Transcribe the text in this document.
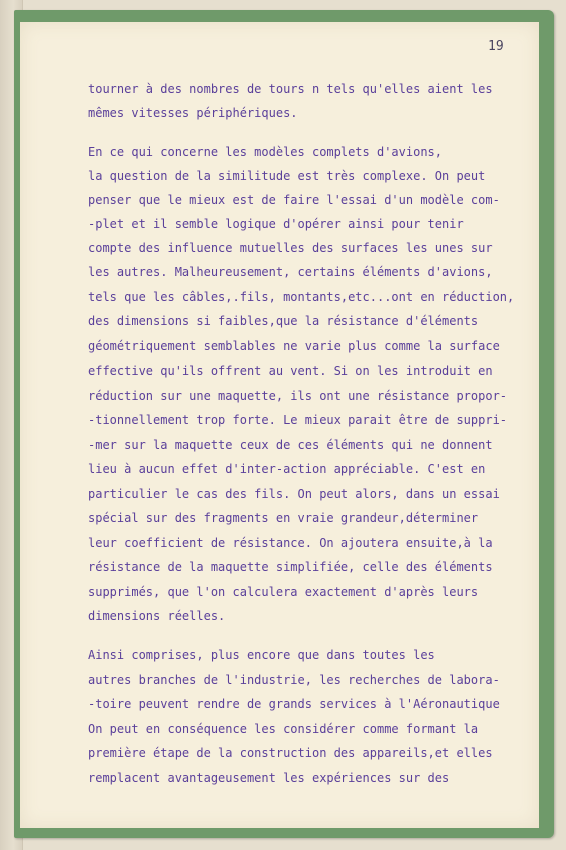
19
tourner à des nombres de tours n tels qu'elles aient les
mêmes vitesses périphériques.
En ce qui concerne les modèles complets d'avions,
la question de la similitude est très complexe. On peut
penser que le mieux est de faire l'essai d'un modèle com-
-plet et il semble logique d'opérer ainsi pour tenir
compte des influence mutuelles des surfaces les unes sur
les autres. Malheureusement, certains éléments d'avions,
tels que les câbles,.fils, montants,etc...ont en réduction,
des dimensions si faibles,que la résistance d'éléments
géométriquement semblables ne varie plus comme la surface
effective qu'ils offrent au vent. Si on les introduit en
réduction sur une maquette, ils ont une résistance propor-
-tionnellement trop forte. Le mieux parait être de suppri-
-mer sur la maquette ceux de ces éléments qui ne donnent
lieu à aucun effet d'inter-action appréciable. C'est en
particulier le cas des fils. On peut alors, dans un essai
spécial sur des fragments en vraie grandeur,déterminer
leur coefficient de résistance. On ajoutera ensuite,à la
résistance de la maquette simplifiée, celle des éléments
supprimés, que l'on calculera exactement d'après leurs
dimensions réelles.
Ainsi comprises, plus encore que dans toutes les
autres branches de l'industrie, les recherches de labora-
-toire peuvent rendre de grands services à l'Aéronautique
On peut en conséquence les considérer comme formant la
première étape de la construction des appareils,et elles
remplacent avantageusement les expériences sur des
